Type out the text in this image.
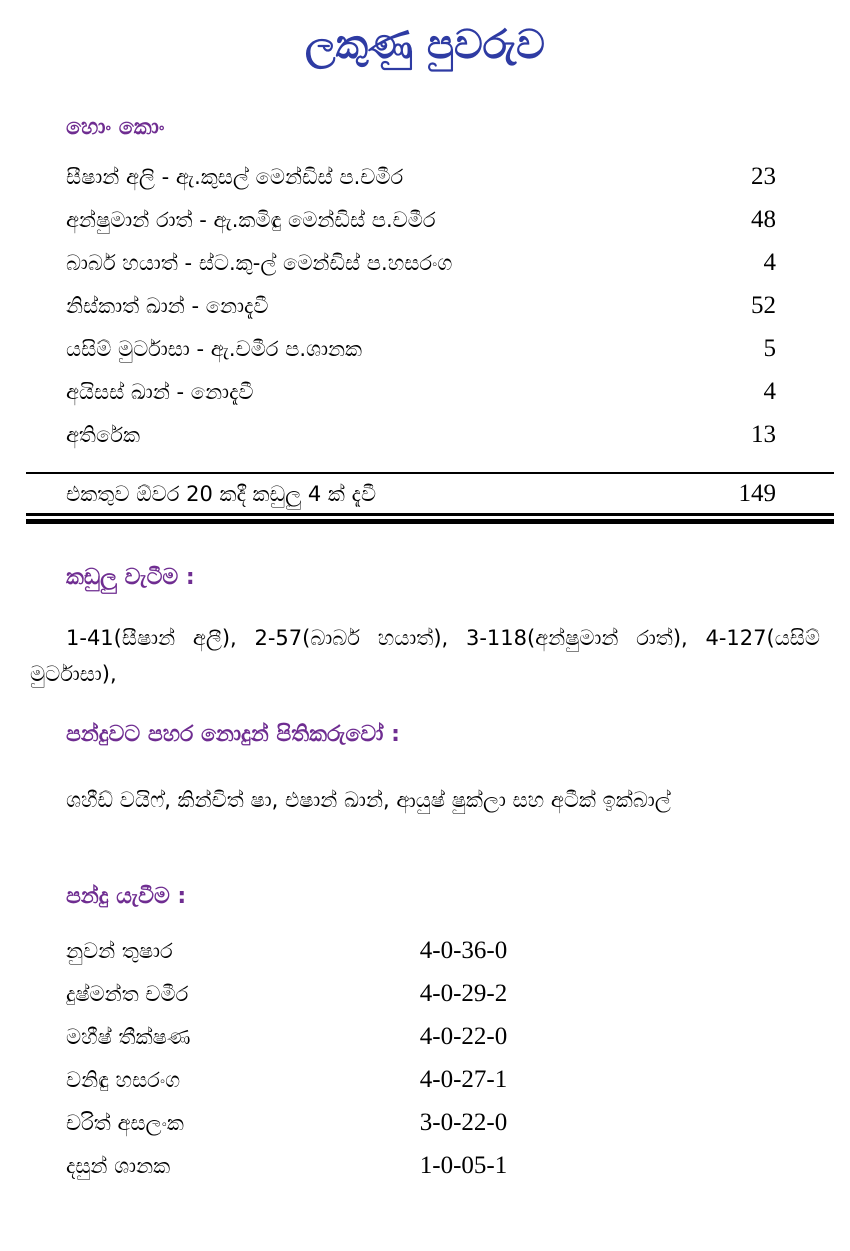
ලකුණු පුවරුව
හොං කොං
සීෂාන් අලි - ඇ.කුසල් මෙන්ඩිස් ප.චමීර	23
අන්ෂුමාන් රාත් - ඇ.කමිඳු මෙන්ඩිස් ප.චමීර	48
බාබර් හයාත් - ස්ට.කු-ල් මෙන්ඩිස් ප.හසරංග	4
නිස්කාත් ඛාන් - නොදැවී	52
යසිම් මුර්ටාසා - ඇ.චමීර ප.ශානක	5
අයිසස් ඛාන් - නොදැවී	4
අතිරේක	13
එකතුව ඕවර 20 කදී කඩුලු 4 ක් දැවී	149
කඩුලු වැටීම :
1-41(සීෂාන් අලී), 2-57(බාබර් හයාත්), 3-118(අන්ෂුමාන් රාත්), 4-127(යසිම් මුර්ටාසා),
පන්දුවට පහර නොදුන් පිතිකරුවෝ :
ශහීඩ් වයිෆ්, කින්චිත් ෂා, එෂාන් ඛාන්, ආයුෂ් ෂුක්ලා සහ අටීක් ඉක්බාල්
පන්දු යැවීම :
නුවන් තුෂාර	4-0-36-0
දුෂ්මන්ත චමීර	4-0-29-2
මහීෂ් තීක්ෂණ	4-0-22-0
වනිඳු හසරංග	4-0-27-1
චරිත් අසලංක	3-0-22-0
දසුන් ශානක	1-0-05-1
